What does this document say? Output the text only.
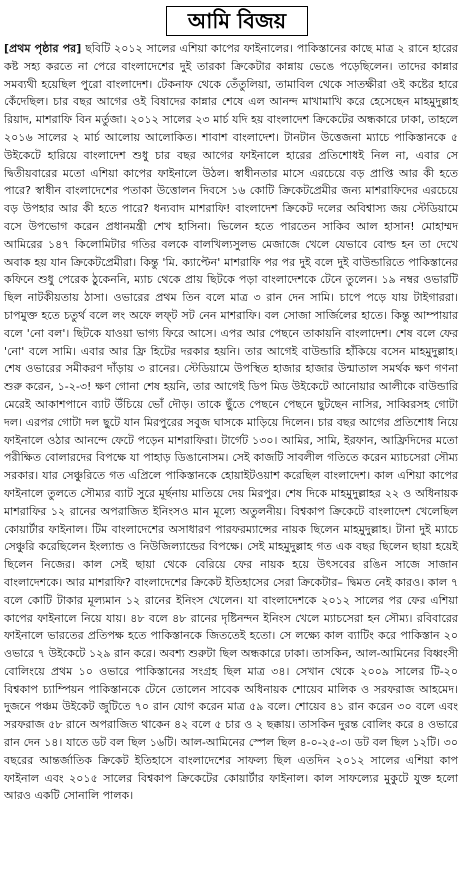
আমি বিজয়

[প্রথম পৃষ্ঠার পর] ছবিটি ২০১২ সালের এশিয়া কাপের ফাইনালের। পাকিস্তানের কাছে মাত্র ২ রানে হারের কষ্ট সহ্য করতে না পেরে বাংলাদেশের দুই তারকা ক্রিকেটার কান্নায় ভেঙে পড়েছিলেন। তাদের কান্নার সমব্যথী হয়েছিল পুরো বাংলাদেশ। টেকনাফ থেকে তেঁতুলিয়া, তামাবিল থেকে সাতক্ষীরা ওই কষ্টের হারে কেঁদেছিল। চার বছর আগের ওই বিষাদের কান্নার শেষে এল আনন্দ মাখামাখি করে হেসেছেন মাহমুদুল্লাহ রিয়াদ, মাশরাফি বিন মর্তুজা। ২০১২ সালের ২৩ মার্চ যদি হয় বাংলাদেশ ক্রিকেটের অন্ধকারে ঢাকা, তাহলে ২০১৬ সালের ২ মার্চ আলোয় আলোকিত। শাবাশ বাংলাদেশ। টানটান উত্তেজনা ম্যাচে পাকিস্তানকে ৫ উইকেটে হারিয়ে বাংলাদেশ শুধু চার বছর আগের ফাইনালে হারের প্রতিশোধই নিল না, এবার সে দ্বিতীয়বারের মতো এশিয়া কাপের ফাইনালে উঠল। স্বাধীনতার মাসে এরচেয়ে বড় প্রাপ্তি আর কী হতে পারে? স্বাধীন বাংলাদেশের পতাকা উত্তোলন দিবসে ১৬ কোটি ক্রিকেটপ্রেমীর জন্য মাশরাফিদের এরচেয়ে বড় উপহার আর কী হতে পারে? ধন্যবাদ মাশরাফি! বাংলাদেশ ক্রিকেট দলের অবিশ্বাস্য জয় স্টেডিয়ামে বসে উপভোগ করেন প্রধানমন্ত্রী শেখ হাসিনা। ভিলেন হতে পারতেন সাকিব আল হাসান! মোহাম্মদ আমিরের ১৪৭ কিলোমিটার গতির বলকে বালখিল্যসুলভ মেজাজে খেলে যেভাবে বোল্ড হন তা দেখে অবাক হয় যান ক্রিকেটপ্রেমীরা। কিন্তু 'মি. ক্যাপ্টেন' মাশরাফি পর পর দুই বলে দুই বাউন্ডারিতে পাকিস্তানের কফিনে শুধু পেরেক ঠুকেননি, ম্যাচ থেকে প্রায় ছিটকে পড়া বাংলাদেশকে টেনে তুলেন। ১৯ নম্বর ওভারটি ছিল নাটকীয়তায় ঠাসা। ওভারের প্রথম তিন বলে মাত্র ৩ রান দেন সামি। চাপে পড়ে যায় টাইগাররা। চাপমুক্ত হতে চতুর্থ বলে লং অফে লফ্‌ট সট নেন মাশরাফি। বল সোজা সার্জিলের হাতে। কিন্তু আম্পায়ার বলে 'নো বল'। ছিটকে যাওয়া ভাগ্য ফিরে আসে। এপর আর পেছনে তাকায়নি বাংলাদেশ। শেষ বলে ফের 'নো' বলে সামি। এবার আর ফ্রি হিটের দরকার হয়নি। তার আগেই বাউন্ডারি হাঁকিয়ে বসেন মাহমুদুল্লাহ। শেষ ওভারের সমীকরণ দাঁড়ায় ৩ রানের। স্টেডিয়ামে উপস্থিত হাজার হাজার উন্মাতাল সমর্থক ক্ষণ গণনা শুরু করেন, ১-২-৩! ক্ষণ গোনা শেষ হয়নি, তার আগেই ডিপ মিড উইকেটে আনোয়ার আলীকে বাউন্ডারি মেরেই আকাশপানে ব্যাট উঁচিয়ে ভোঁ দৌড়। তাকে ছুঁতে পেছনে পেছনে ছুটছেন নাসির, সাব্বিরসহ গোটা দল। এরপর গোটা দল ছুটে যান মিরপুরের সবুজ ঘাসকে মাড়িয়ে দিলেন। চার বছর আগের প্রতিশোধ নিয়ে ফাইনালে ওঠার আনন্দে ফেটে পড়েন মাশরাফিরা। টার্গেট ১৩০। আমির, সামি, ইরফান, আফ্রিদিদের মতো পরীক্ষিত বোলারদের বিপক্ষে যা পাহাড় ডিঙানোসম। সেই কাজটি সাবলীল গতিতে করেন ম্যাচসেরা সৌম্য সরকার। যার সেঞ্চুরিতে গত এপ্রিলে পাকিস্তানকে হোয়াইটওয়াশ করেছিল বাংলাদেশ। কাল এশিয়া কাপের ফাইনালে তুলতে সৌম্যর ব্যাট সুরে মূর্ছনায় মাতিয়ে দেয় মিরপুর। শেষ দিকে মাহমুদুল্লাহর ২২ ও অধিনায়ক মাশরাফির ১২ রানের অপরাজিত ইনিংসও মান মূল্যে অতুলনীয়। বিশ্বকাপ ক্রিকেটে বাংলাদেশ খেলেছিল কোয়ার্টার ফাইনাল। টিম বাংলাদেশের অসাধারণ পারফরম্যান্সের নায়ক ছিলেন মাহমুদুল্লাহ। টানা দুই ম্যাচে সেঞ্চুরি করেছিলেন ইংল্যান্ড ও নিউজিল্যান্ডের বিপক্ষে। সেই মাহমুদুল্লাহ গত এক বছর ছিলেন ছায়া হয়েই ছিলেন নিজের। কাল সেই ছায়া থেকে বেরিয়ে ফের নায়ক হয়ে উৎসবের রঙিন সাজে সাজান বাংলাদেশকে। আর মাশরাফি? বাংলাদেশের ক্রিকেট ইতিহাসের সেরা ক্রিকেটার– দ্বিমত নেই কারও। কাল ৭ বলে কোটি টাকার মূল্যমান ১২ রানের ইনিংস খেলেন। যা বাংলাদেশকে ২০১২ সালের পর ফের এশিয়া কাপের ফাইনালে নিয়ে যায়। ৪৮ বলে ৪৮ রানের দৃষ্টিনন্দন ইনিংস খেলে ম্যাচসেরা হন সৌম্য। রবিবারের ফাইনালে ভারতের প্রতিপক্ষ হতে পাকিস্তানকে জিততেই হতো। সে লক্ষ্যে কাল ব্যাটিং করে পাকিস্তান ২০ ওভারে ৭ উইকেটে ১২৯ রান করে। অবশ্য শুরুটা ছিল অন্ধকারে ঢাকা। তাসকিন, আল-আমিনের বিধ্বংসী বোলিংয়ে প্রথম ১০ ওভারে পাকিস্তানের সংগ্রহ ছিল মাত্র ৩৪। সেখান থেকে ২০০৯ সালের টি-২০ বিশ্বকাপ চ্যাম্পিয়ন পাকিস্তানকে টেনে তোলেন সাবেক অধিনায়ক শোয়েব মালিক ও সরফরাজ আহমেদ। দুজনে পঞ্চম উইকেট জুটিতে ৭০ রান যোগ করেন মাত্র ৫৯ বলে। শোয়েব ৪১ রান করেন ৩০ বলে এবং সরফরাজ ৫৮ রানে অপরাজিত থাকেন ৪২ বলে ৫ চার ও ২ ছক্কায়। তাসকিন দুরন্ত বোলিং করে ৪ ওভারে রান দেন ১৪। যাতে ডট বল ছিল ১৬টি। আল-আমিনের স্পেল ছিল ৪-০-২৫-৩। ডট বল ছিল ১২টি। ৩০ বছরের আন্তর্জাতিক ক্রিকেট ইতিহাসে বাংলাদেশের সাফল্য ছিল এতদিন ২০১২ সালের এশিয়া কাপ ফাইনাল এবং ২০১৫ সালের বিশ্বকাপ ক্রিকেটের কোয়ার্টার ফাইনাল। কাল সাফল্যের মুকুটে যুক্ত হলো আরও একটি সোনালি পালক।
